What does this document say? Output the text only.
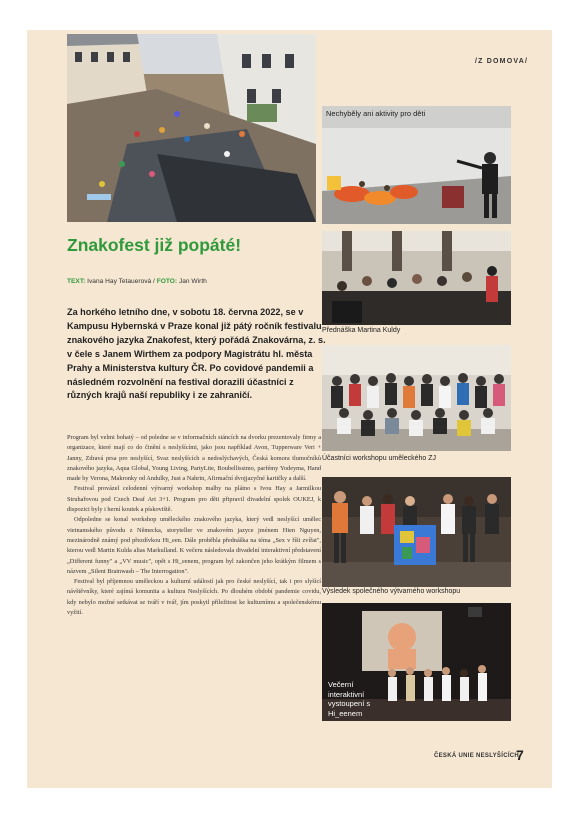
/Z DOMOVA/
Nechyběly ani aktivity pro děti
Přednáška Martina Kuldy
Účastníci workshopu uměleckého ZJ
Výsledek společného výtvarného workshopu
Večerní interaktivní vystoupení s Hi_eenem
Znakofest již popáté!
TEXT: Ivana Hay Tetauerová / FOTO: Jan Wirth

Za horkého letního dne, v sobotu 18. června 2022, se v Kampusu Hybernská v Praze konal již pátý ročník festivalu znakového jazyka Znakofest, který pořádá Znakovárna, z. s. v čele s Janem Wirthem za podpory Magistrátu hl. města Prahy a Ministerstva kultury ČR. Po covidové pandemii a následném rozvolnění na festival dorazili účastníci z různých krajů naší republiky i ze zahraničí.

Program byl velmi bohatý – od poledne se v informačních stáncích na dvorku prezentovaly firmy a organizace, které mají co do činění s neslyšícími, jako jsou například Avon, Tupperware Veri + Janny, Zdravá prsa pro neslyšící, Svaz neslyšících a nedoslýchavých, Česká komora tlumočníků znakového jazyka, Aqua Global, Young Living, PartyLite, Boubellissimo, parfémy Yodeyma, Hand made by Verona, Makronky od Andulky, Just a Nahrin, Afirmační dvojjazyčné kartičky a další.

Festival provázel celodenní výtvarný workshop malby na plátno s Ivou Hay a Jarmilkou Struhařovou pod Czech Deaf Art 3+1. Program pro děti připravil divadelní spolek OUKEJ, k dispozici byly i herní koutek a pískoviště.

Odpoledne se konal workshop uměleckého znakového jazyka, který vedl neslyšící umělec vietnamského původu z Německa, storyteller ve znakovém jazyce jménem Hien Nguyen, mezinárodně známý pod přezdívkou Hi_een. Dále proběhla přednáška na téma „Sex v říši zvířat", kterou vedl Martin Kulda alias Markulland. K večeru následovala divadelní interaktivní představení „Different funny" a „VV music", opět s Hi_eenem, program byl zakončen jeho krátkým filmem s názvem „Silent Brainwash – The Interrogation".

Festival byl příjemnou uměleckou a kulturní událostí jak pro české neslyšící, tak i pro slyšící návštěvníky, které zajímá komunita a kultura Neslyšících. Po dlouhém období pandemie covidu, kdy nebylo možné setkávat se tváří v tvář, jím poskytl příležitost ke kulturnímu a společenskému vyžití.

ČESKÁ UNIE NESLYŠÍCÍCH
7
